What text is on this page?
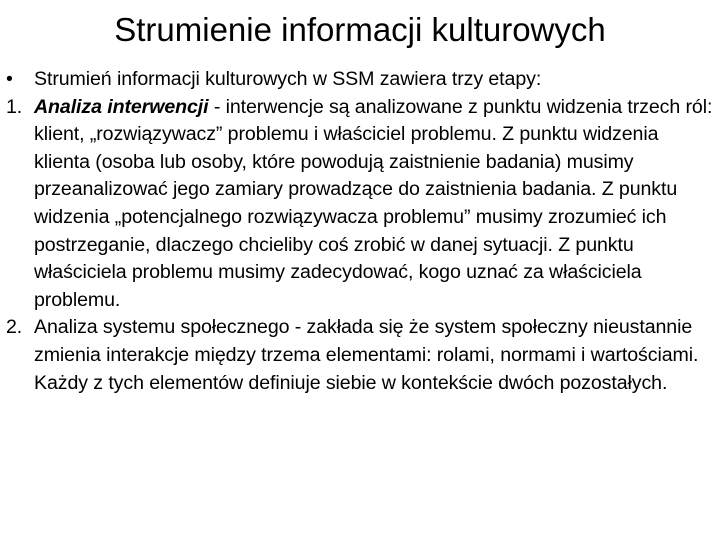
Strumienie informacji kulturowych

• Strumień informacji kulturowych w SSM zawiera trzy etapy:

1. Analiza interwencji - interwencje są analizowane z punktu widzenia trzech ról: klient, „rozwiązywacz” problemu i właściciel problemu. Z punktu widzenia klienta (osoba lub osoby, które powodują zaistnienie badania) musimy przeanalizować jego zamiary prowadzące do zaistnienia badania. Z punktu widzenia „potencjalnego rozwiązywacza problemu” musimy zrozumieć ich postrzeganie, dlaczego chcieliby coś zrobić w danej sytuacji. Z punktu właściciela problemu musimy zadecydować, kogo uznać za właściciela problemu.

2. Analiza systemu społecznego - zakłada się że system społeczny nieustannie zmienia interakcje między trzema elementami: rolami, normami i wartościami. Każdy z tych elementów definiuje siebie w kontekście dwóch pozostałych.
